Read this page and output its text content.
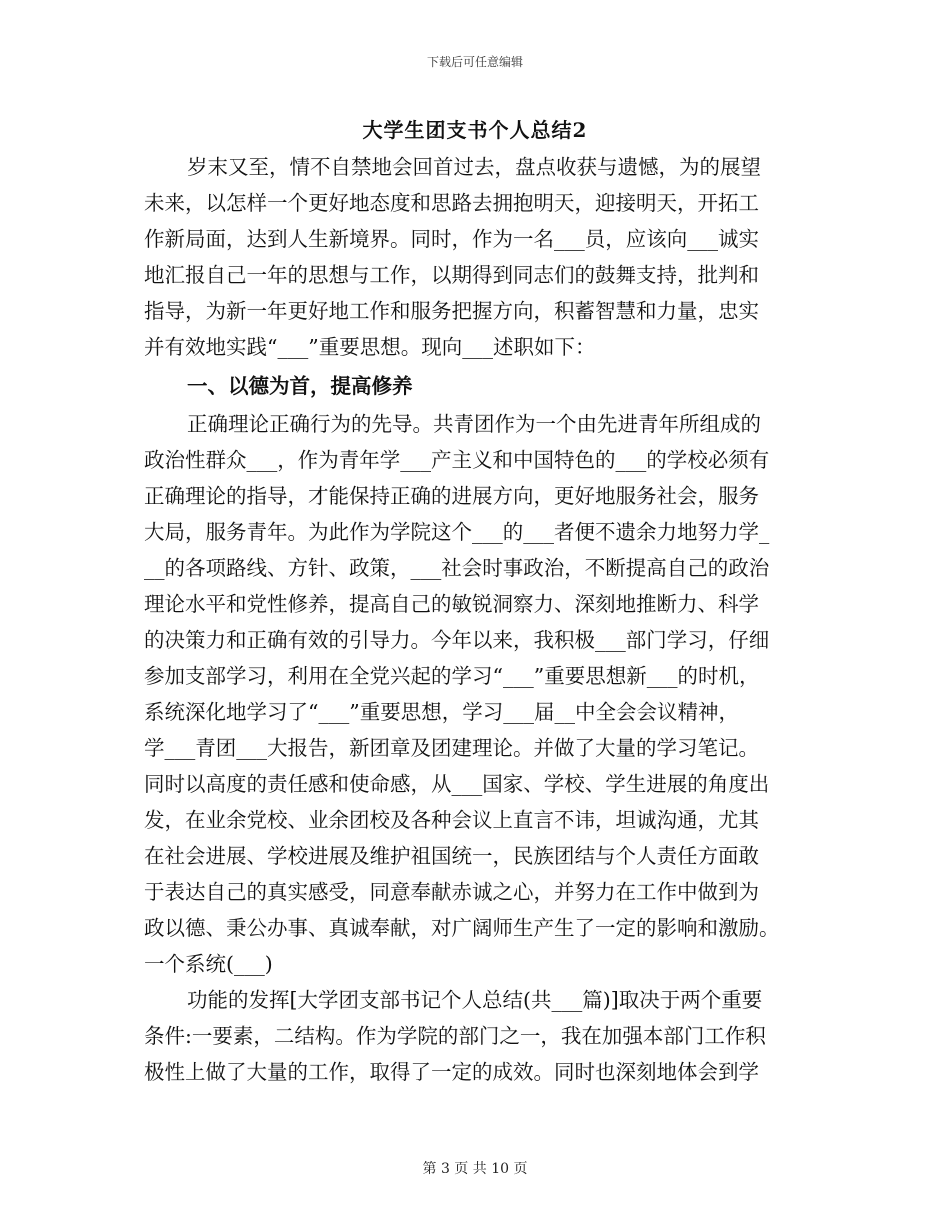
下载后可任意编辑
大学生团支书个人总结2
岁末又至，情不自禁地会回首过去，盘点收获与遗憾，为的展望
未来，以怎样一个更好地态度和思路去拥抱明天，迎接明天，开拓工
作新局面，达到人生新境界。同时，作为一名___员，应该向___诚实
地汇报自己一年的思想与工作，以期得到同志们的鼓舞支持，批判和
指导，为新一年更好地工作和服务把握方向，积蓄智慧和力量，忠实
并有效地实践“___”重要思想。现向___述职如下：
一、以德为首，提高修养
正确理论正确行为的先导。共青团作为一个由先进青年所组成的
政治性群众___，作为青年学___产主义和中国特色的___的学校必须有
正确理论的指导，才能保持正确的进展方向，更好地服务社会，服务
大局，服务青年。为此作为学院这个___的___者便不遗余力地努力学_
__的各项路线、方针、政策，___社会时事政治，不断提高自己的政治
理论水平和党性修养，提高自己的敏锐洞察力、深刻地推断力、科学
的决策力和正确有效的引导力。今年以来，我积极___部门学习，仔细
参加支部学习，利用在全党兴起的学习“___”重要思想新___的时机，
系统深化地学习了“___”重要思想，学习___届__中全会会议精神，
学___青团___大报告，新团章及团建理论。并做了大量的学习笔记。
同时以高度的责任感和使命感，从___国家、学校、学生进展的角度出
发，在业余党校、业余团校及各种会议上直言不讳，坦诚沟通，尤其
在社会进展、学校进展及维护祖国统一，民族团结与个人责任方面敢
于表达自己的真实感受，同意奉献赤诚之心，并努力在工作中做到为
政以德、秉公办事、真诚奉献，对广阔师生产生了一定的影响和激励。
一个系统(___)
功能的发挥[大学团支部书记个人总结(共___篇)]取决于两个重要
条件:一要素，二结构。作为学院的部门之一，我在加强本部门工作积
极性上做了大量的工作，取得了一定的成效。同时也深刻地体会到学
第 3 页 共 10 页
